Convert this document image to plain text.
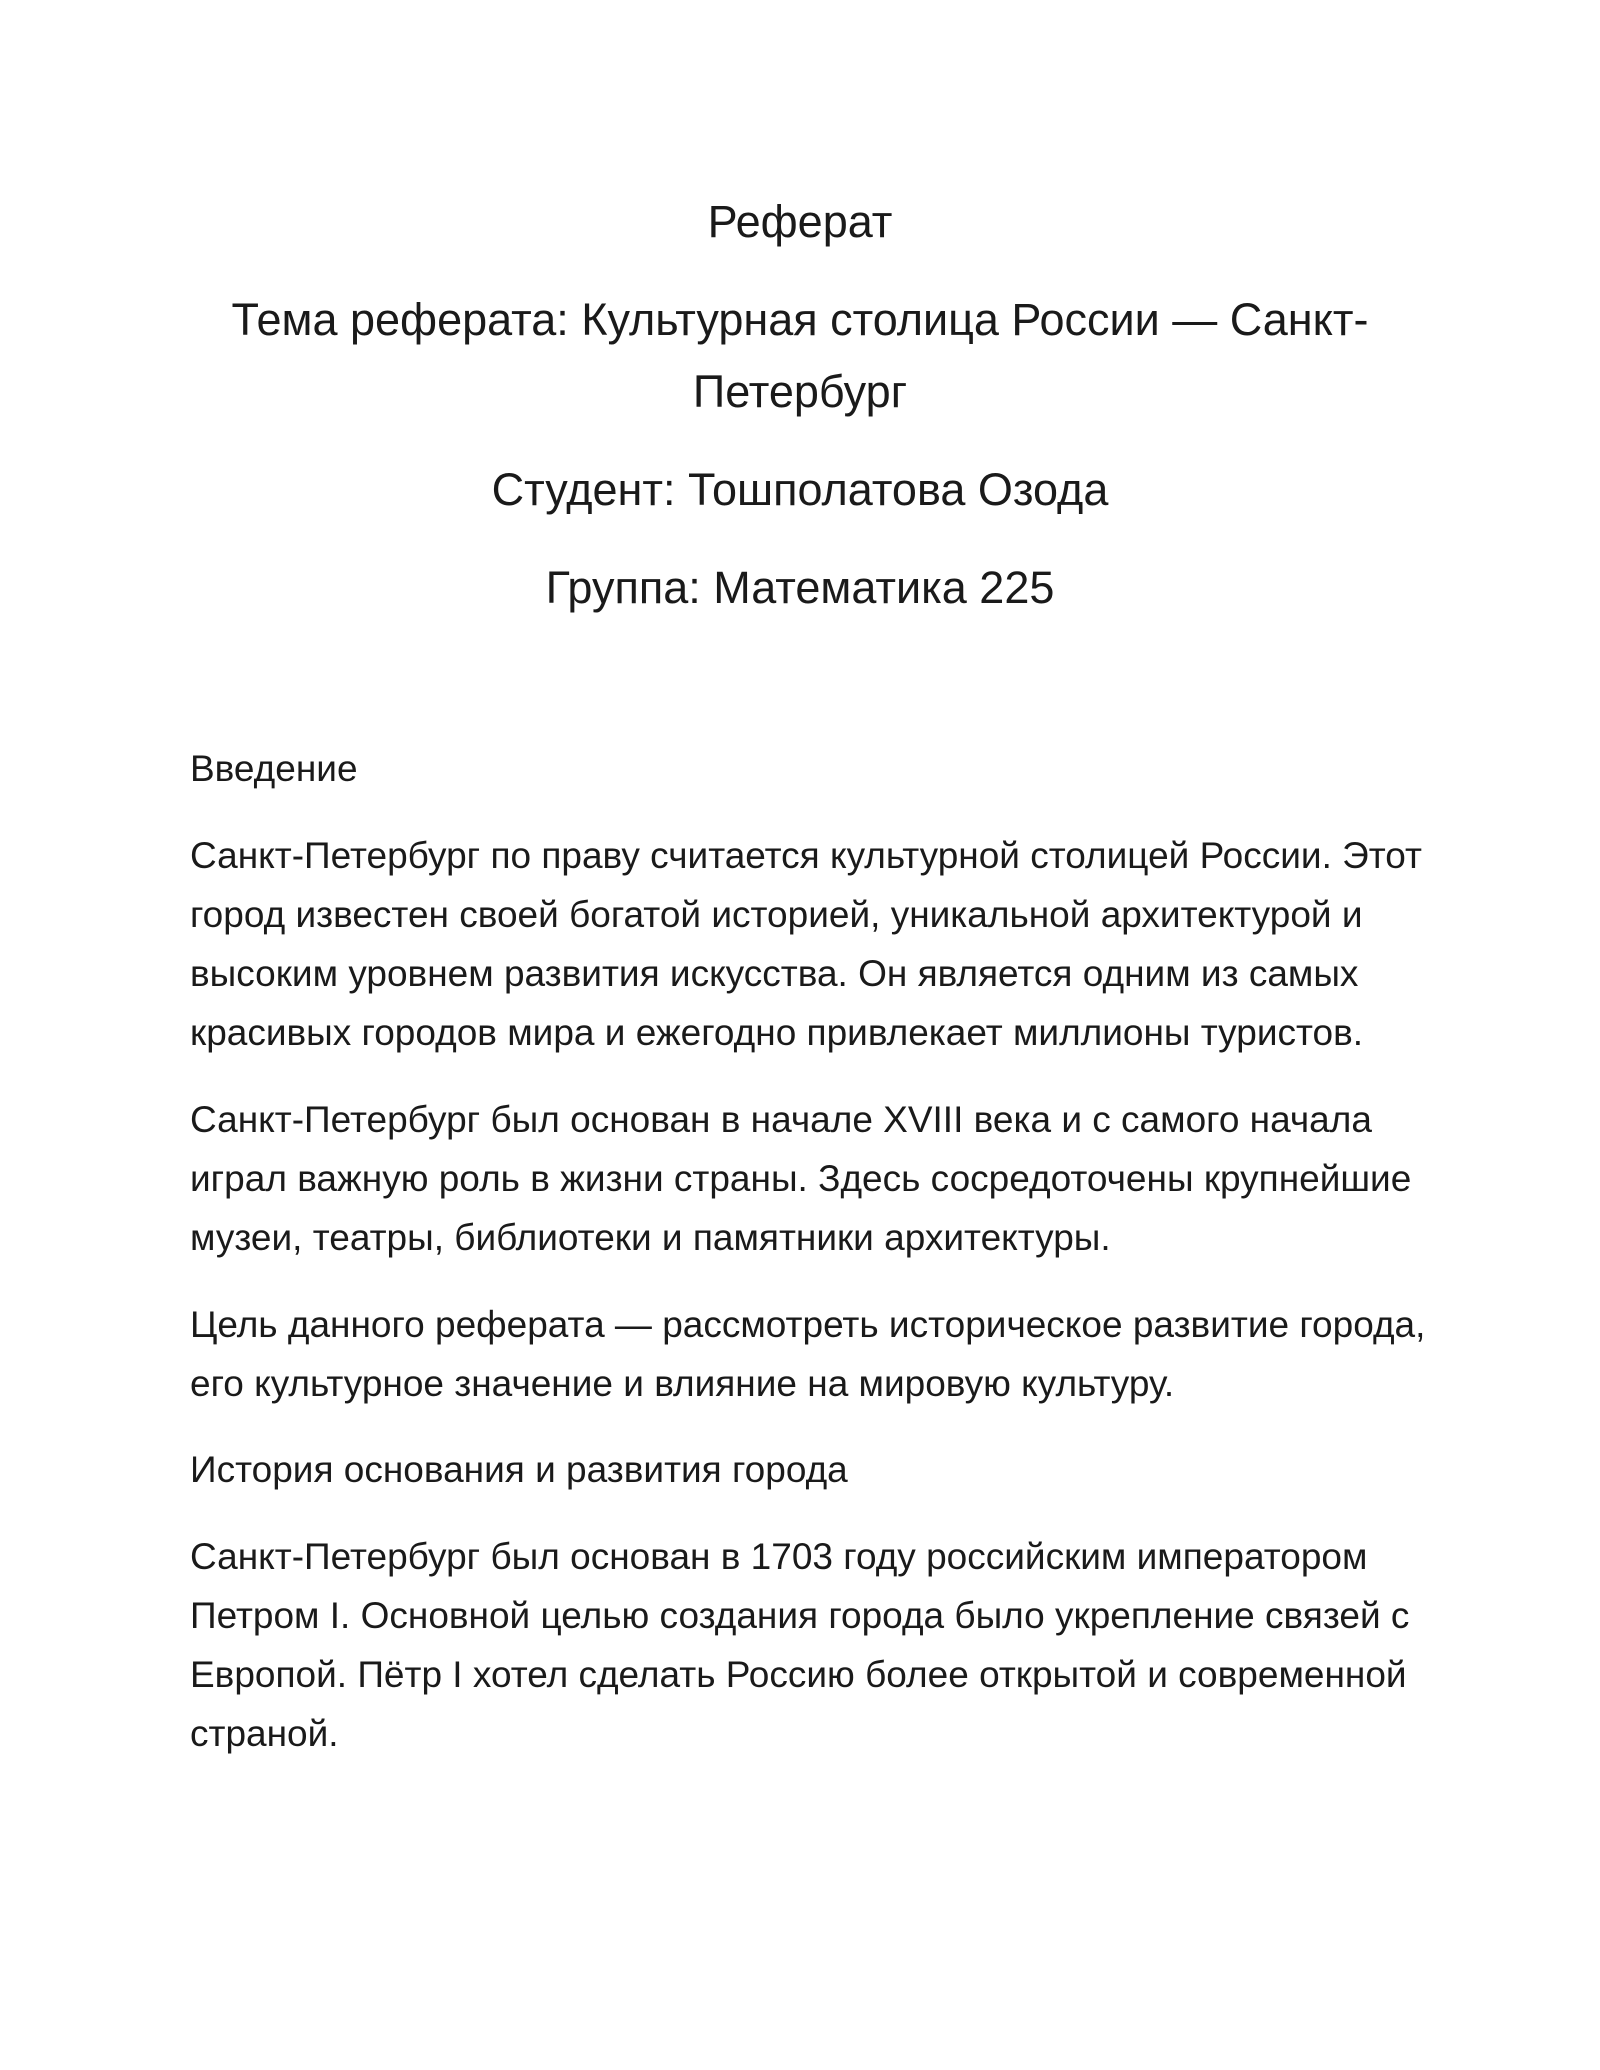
Реферат
Тема реферата: Культурная столица России — Санкт-Петербург
Студент: Тошполатова Озода
Группа: Математика 225
Введение

Санкт-Петербург по праву считается культурной столицей России. Этот город известен своей богатой историей, уникальной архитектурой и высоким уровнем развития искусства. Он является одним из самых красивых городов мира и ежегодно привлекает миллионы туристов.

Санкт-Петербург был основан в начале XVIII века и с самого начала играл важную роль в жизни страны. Здесь сосредоточены крупнейшие музеи, театры, библиотеки и памятники архитектуры.

Цель данного реферата — рассмотреть историческое развитие города, его культурное значение и влияние на мировую культуру.

История основания и развития города

Санкт-Петербург был основан в 1703 году российским императором Петром I. Основной целью создания города было укрепление связей с Европой. Пётр I хотел сделать Россию более открытой и современной страной.
